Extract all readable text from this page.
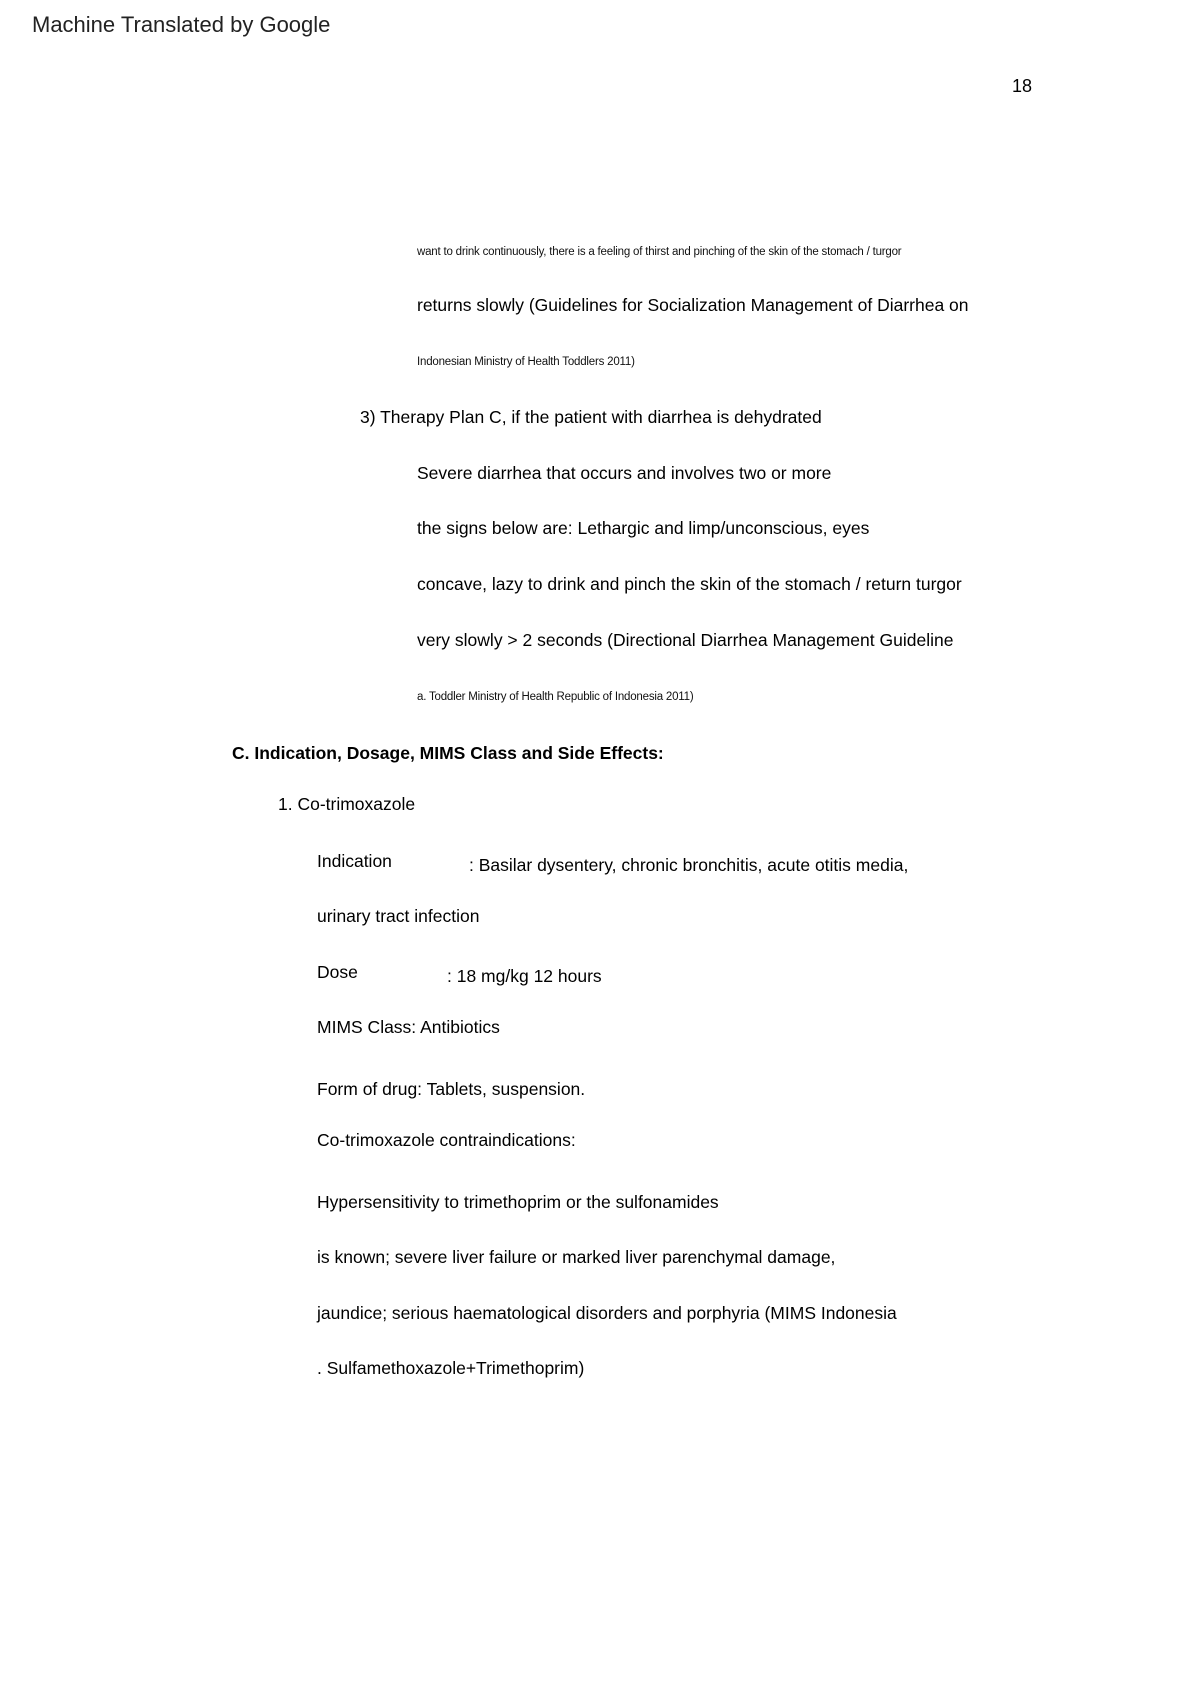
Machine Translated by Google
18
want to drink continuously, there is a feeling of thirst and pinching of the skin of the stomach / turgor
returns slowly (Guidelines for Socialization Management of Diarrhea on
Indonesian Ministry of Health Toddlers 2011)
3) Therapy Plan C, if the patient with diarrhea is dehydrated
Severe diarrhea that occurs and involves two or more
the signs below are: Lethargic and limp/unconscious, eyes
concave, lazy to drink and pinch the skin of the stomach / return turgor
very slowly > 2 seconds (Directional Diarrhea Management Guideline
a. Toddler Ministry of Health Republic of Indonesia 2011)
C. Indication, Dosage, MIMS Class and Side Effects:
1. Co-trimoxazole
Indication	: Basilar dysentery, chronic bronchitis, acute otitis media,
urinary tract infection
Dose	: 18 mg/kg 12 hours
MIMS Class: Antibiotics
Form of drug: Tablets, suspension.
Co-trimoxazole contraindications:
Hypersensitivity to trimethoprim or the sulfonamides
is known; severe liver failure or marked liver parenchymal damage,
jaundice; serious haematological disorders and porphyria (MIMS Indonesia
. Sulfamethoxazole+Trimethoprim)
